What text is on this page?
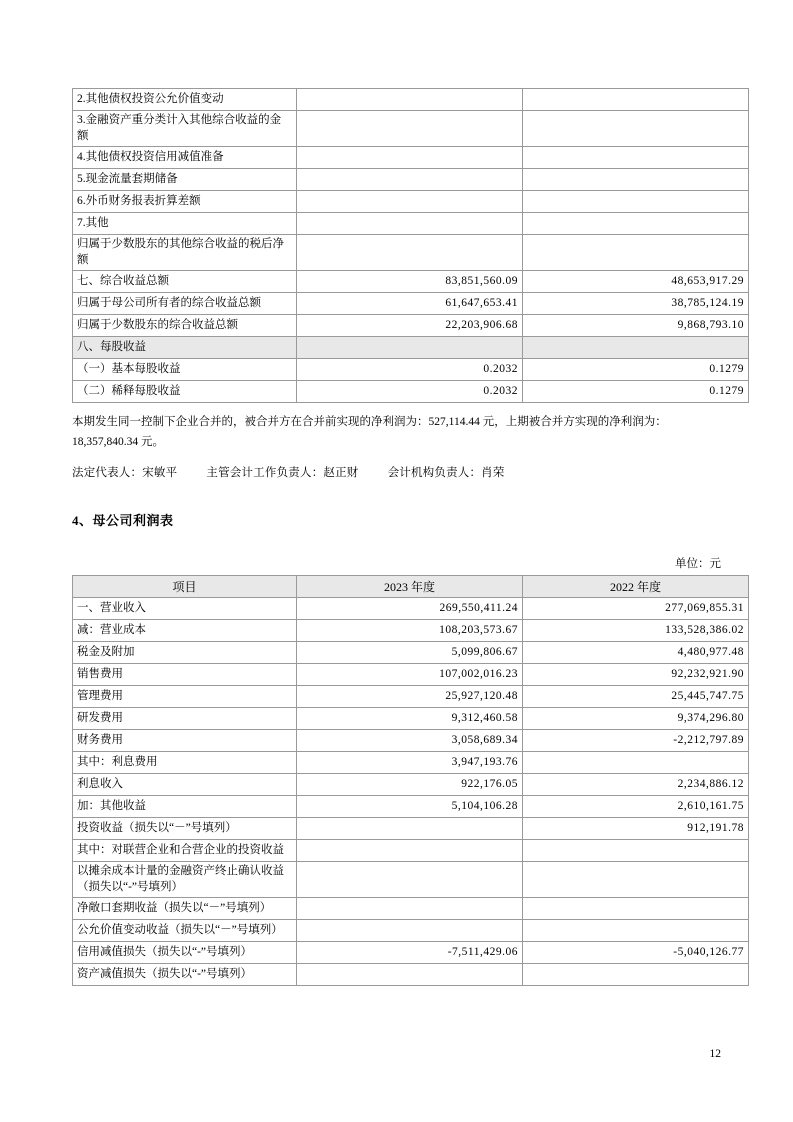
2.其他债权投资公允价值变动		
3.金融资产重分类计入其他综合收益的金额		
4.其他债权投资信用减值准备		
5.现金流量套期储备		
6.外币财务报表折算差额		
7.其他		
归属于少数股东的其他综合收益的税后净额		
七、综合收益总额	83,851,560.09	48,653,917.29
归属于母公司所有者的综合收益总额	61,647,653.41	38,785,124.19
归属于少数股东的综合收益总额	22,203,906.68	9,868,793.10
八、每股收益		
（一）基本每股收益	0.2032	0.1279
（二）稀释每股收益	0.2032	0.1279
本期发生同一控制下企业合并的，被合并方在合并前实现的净利润为：527,114.44 元，上期被合并方实现的净利润为：18,357,840.34 元。
法定代表人：宋敏平	主管会计工作负责人：赵正财	会计机构负责人：肖荣
4、母公司利润表
单位：元
项目	2023 年度	2022 年度
一、营业收入	269,550,411.24	277,069,855.31
减：营业成本	108,203,573.67	133,528,386.02
税金及附加	5,099,806.67	4,480,977.48
销售费用	107,002,016.23	92,232,921.90
管理费用	25,927,120.48	25,445,747.75
研发费用	9,312,460.58	9,374,296.80
财务费用	3,058,689.34	-2,212,797.89
其中：利息费用	3,947,193.76	
利息收入	922,176.05	2,234,886.12
加：其他收益	5,104,106.28	2,610,161.75
投资收益（损失以“－”号填列）		912,191.78
其中：对联营企业和合营企业的投资收益		
以摊余成本计量的金融资产终止确认收益（损失以“-”号填列）		
净敞口套期收益（损失以“－”号填列）		
公允价值变动收益（损失以“－”号填列）		
信用减值损失（损失以“-”号填列）	-7,511,429.06	-5,040,126.77
资产减值损失（损失以“-”号填列）		
12
